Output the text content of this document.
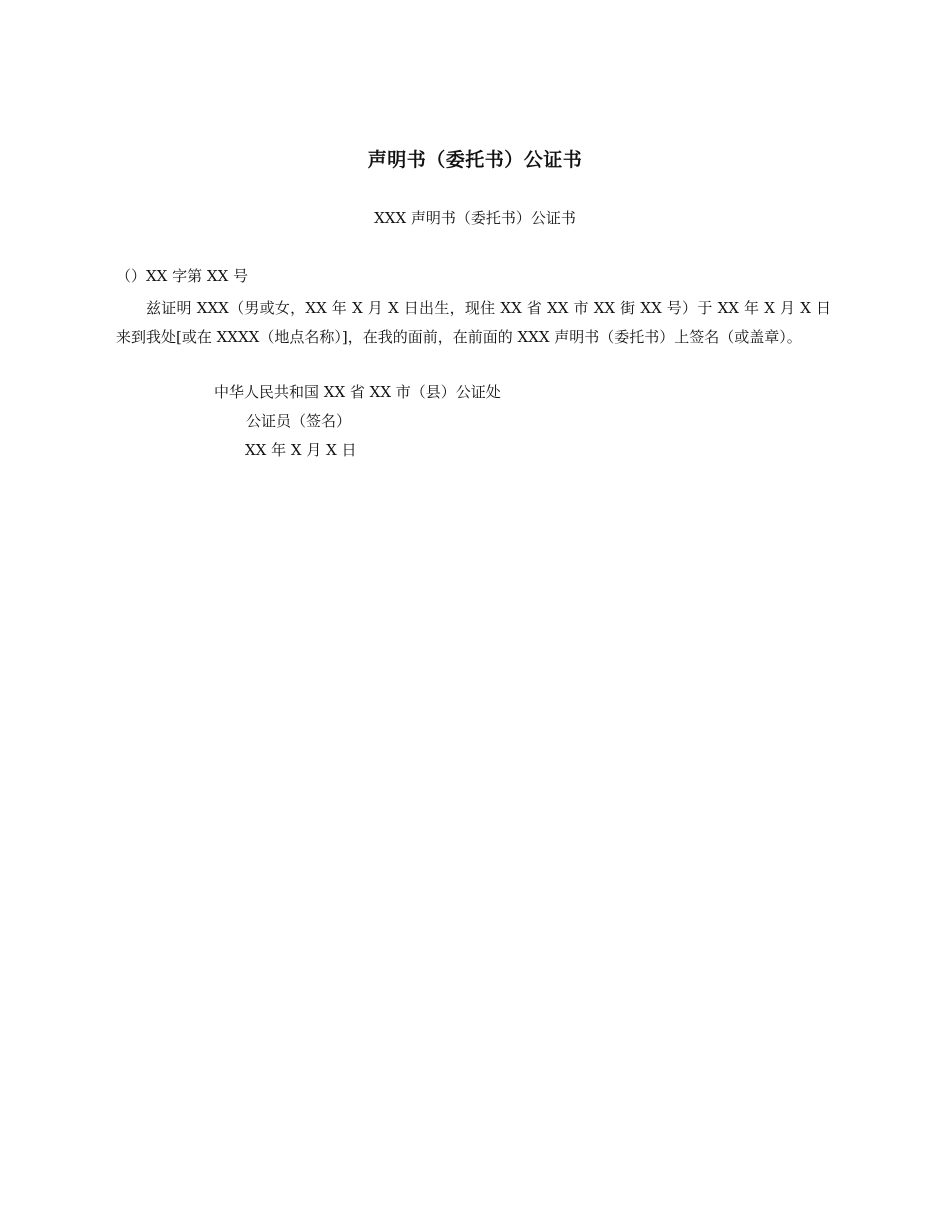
声明书（委托书）公证书
XXX 声明书（委托书）公证书
（）XX 字第 XX 号
兹证明 XXX（男或女，XX 年 X 月 X 日出生，现住 XX 省 XX 市 XX 街 XX 号）于 XX 年 X 月 X 日来到我处[或在 XXXX（地点名称）]，在我的面前，在前面的 XXX 声明书（委托书）上签名（或盖章）。
中华人民共和国 XX 省 XX 市（县）公证处
公证员（签名）
XX 年 X 月 X 日
